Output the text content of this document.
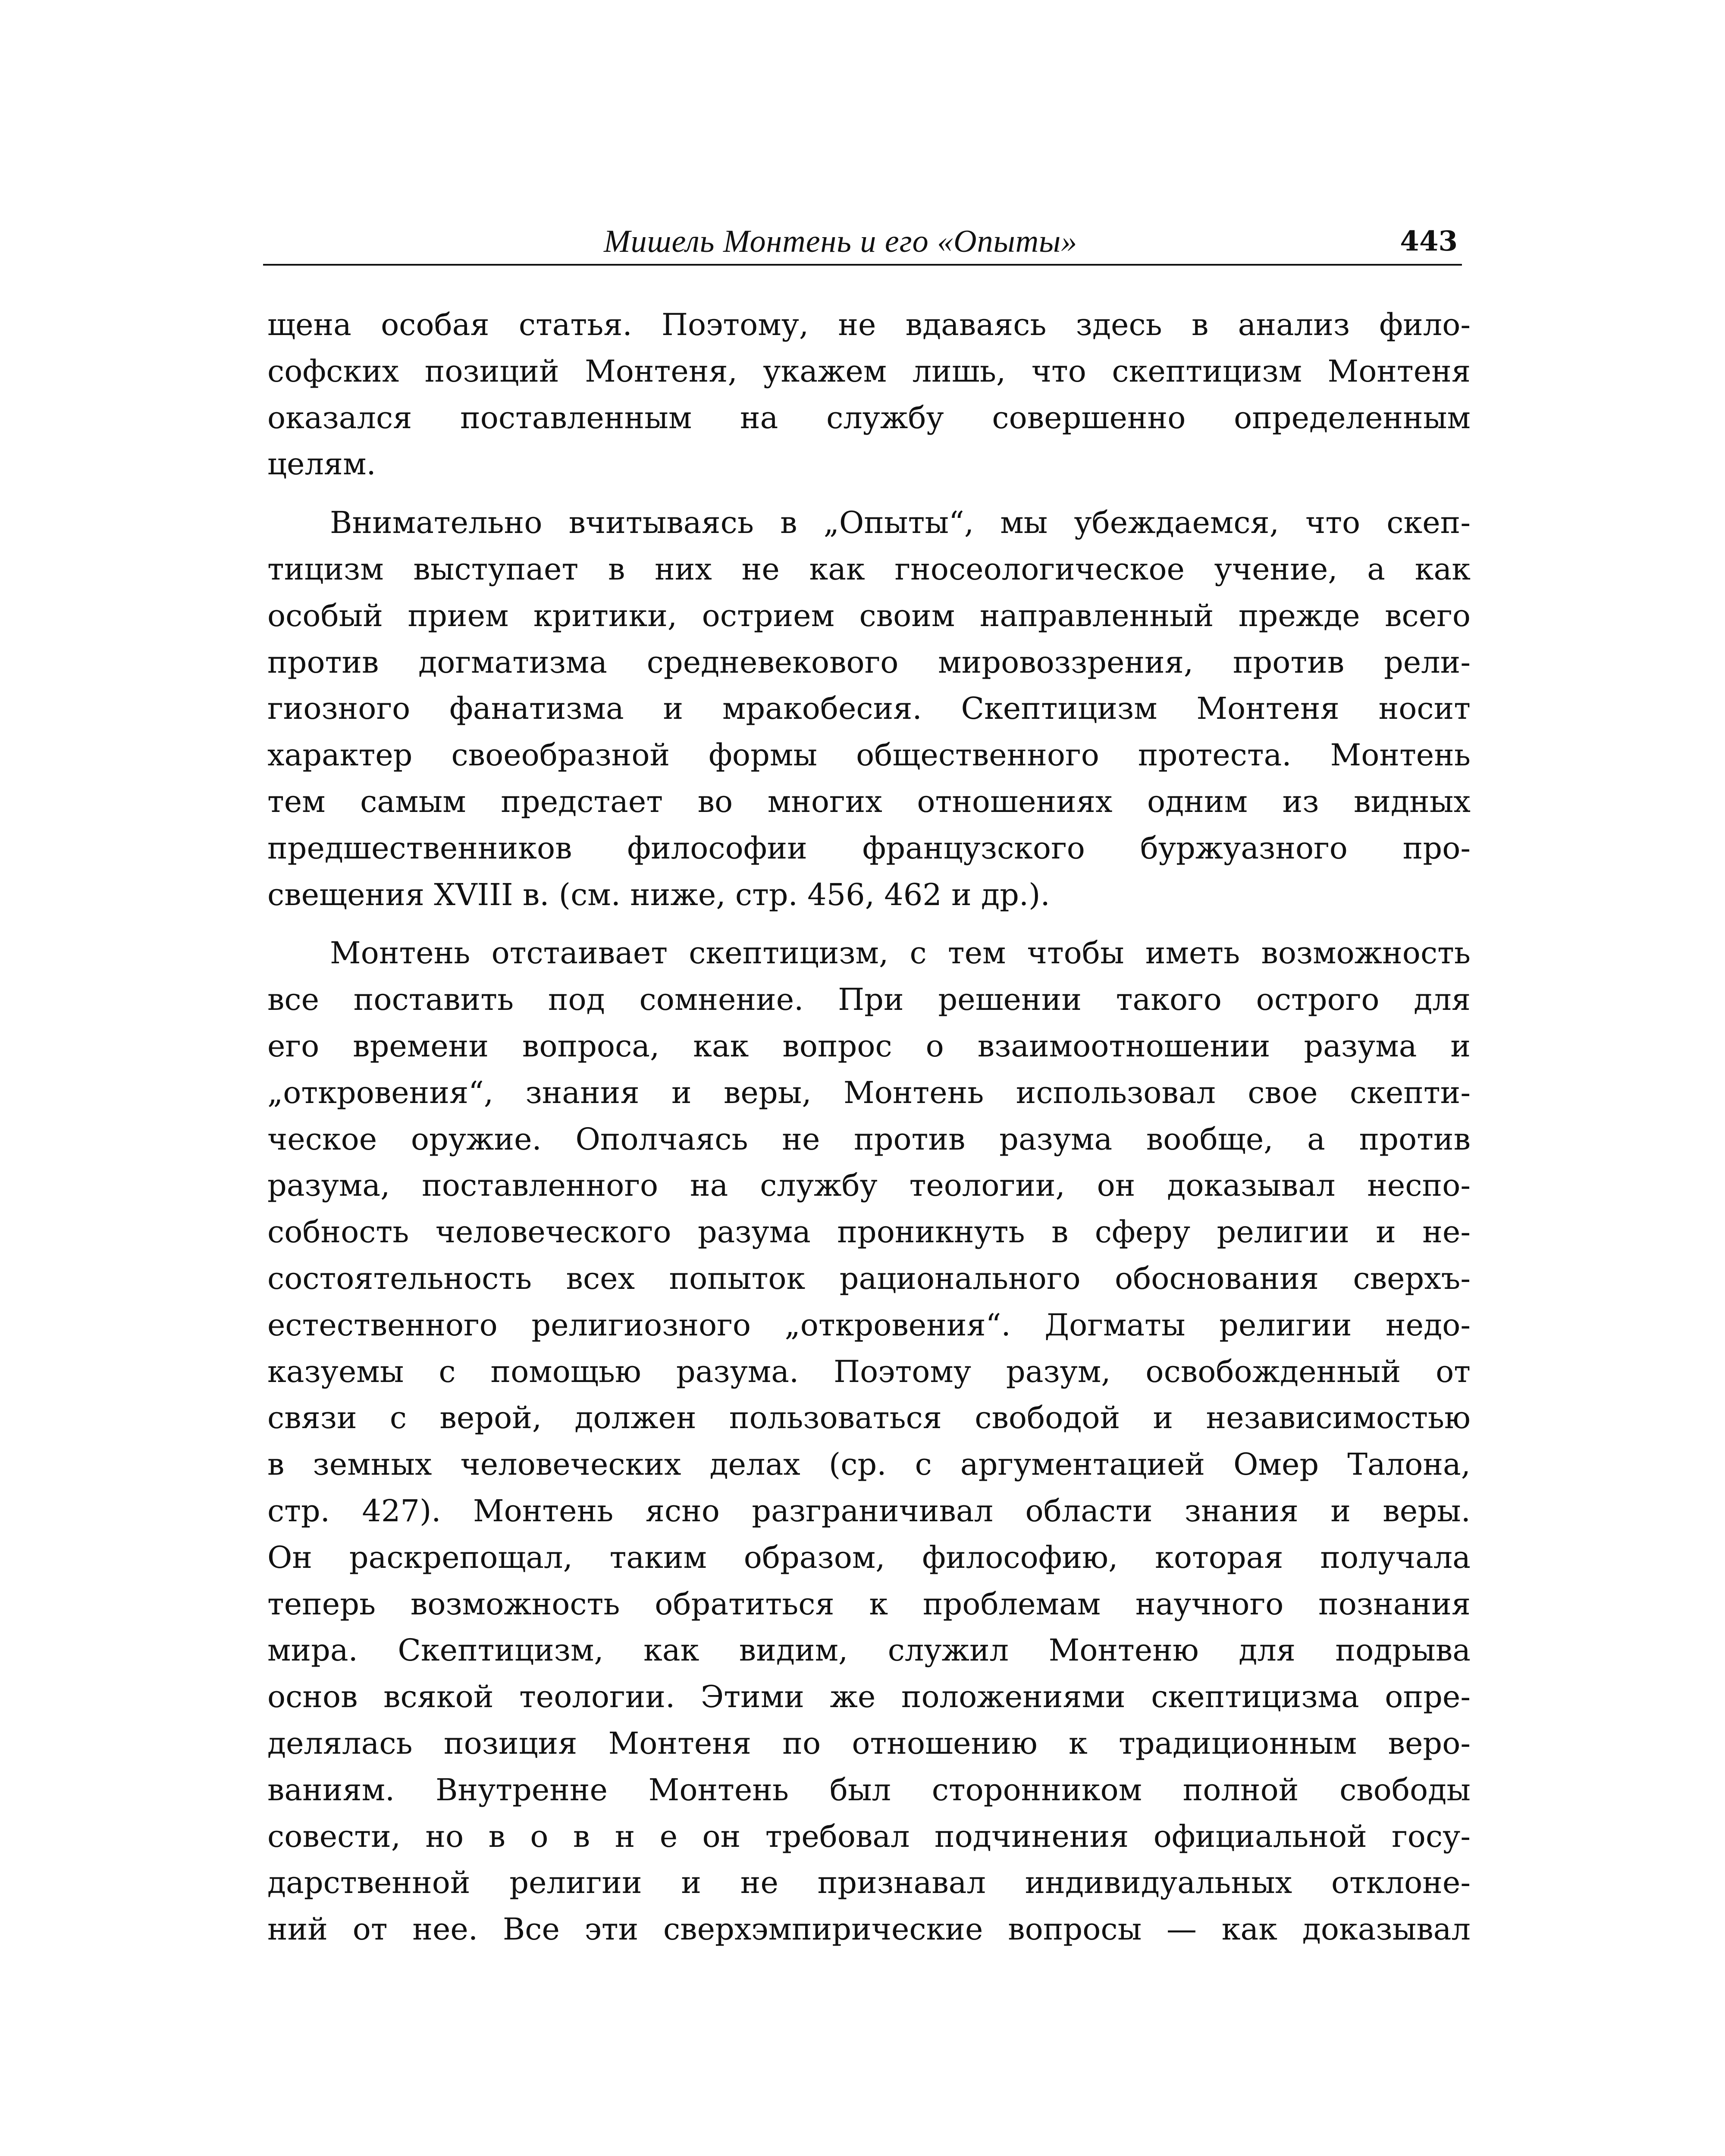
Мишель Монтень и его «Опыты»	443
щена особая статья. Поэтому, не вдаваясь здесь в анализ фило-
софских позиций Монтеня, укажем лишь, что скептицизм Монтеня
оказался поставленным на службу совершенно определенным
целям.
Внимательно вчитываясь в „Опыты“, мы убеждаемся, что скеп-
тицизм выступает в них не как гносеологическое учение, а как
особый прием критики, острием своим направленный прежде всего
против догматизма средневекового мировоззрения, против рели-
гиозного фанатизма и мракобесия. Скептицизм Монтеня носит
характер своеобразной формы общественного протеста. Монтень
тем самым предстает во многих отношениях одним из видных
предшественников философии французского буржуазного про-
свещения XVIII в. (см. ниже, стр. 456, 462 и др.).
Монтень отстаивает скептицизм, с тем чтобы иметь возможность
все поставить под сомнение. При решении такого острого для
его времени вопроса, как вопрос о взаимоотношении разума и
„откровения“, знания и веры, Монтень использовал свое скепти-
ческое оружие. Ополчаясь не против разума вообще, а против
разума, поставленного на службу теологии, он доказывал неспо-
собность человеческого разума проникнуть в сферу религии и не-
состоятельность всех попыток рационального обоснования сверхъ-
естественного религиозного „откровения“. Догматы религии недо-
казуемы с помощью разума. Поэтому разум, освобожденный от
связи с верой, должен пользоваться свободой и независимостью
в земных человеческих делах (ср. с аргументацией Омер Талона,
стр. 427). Монтень ясно разграничивал области знания и веры.
Он раскрепощал, таким образом, философию, которая получала
теперь возможность обратиться к проблемам научного познания
мира. Скептицизм, как видим, служил Монтеню для подрыва
основ всякой теологии. Этими же положениями скептицизма опре-
делялась позиция Монтеня по отношению к традиционным веро-
ваниям. Внутренне Монтень был сторонником полной свободы
совести, но в о в н е он требовал подчинения официальной госу-
дарственной религии и не признавал индивидуальных отклоне-
ний от нее. Все эти сверхэмпирические вопросы — как доказывал
